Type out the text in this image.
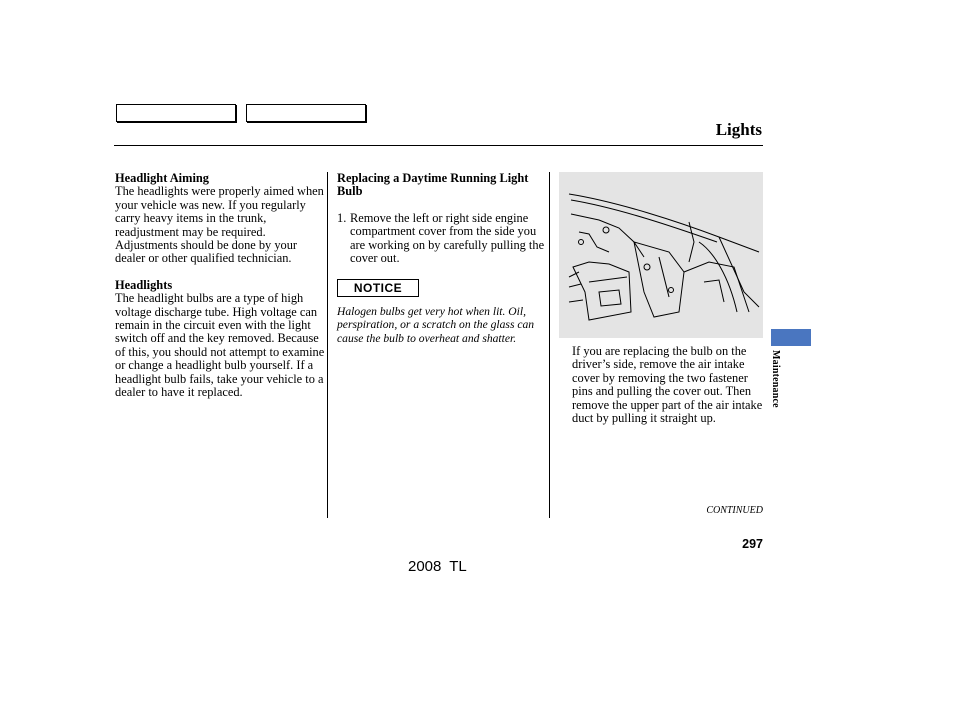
Lights

Headlight Aiming

The headlights were properly aimed when your vehicle was new. If you regularly carry heavy items in the trunk, readjustment may be required. Adjustments should be done by your dealer or other qualified technician.

Headlights

The headlight bulbs are a type of high voltage discharge tube. High voltage can remain in the circuit even with the light switch off and the key removed. Because of this, you should not attempt to examine or change a headlight bulb yourself. If a headlight bulb fails, take your vehicle to a dealer to have it replaced.

Replacing a Daytime Running Light Bulb

1. Remove the left or right side engine compartment cover from the side you are working on by carefully pulling the cover out.
NOTICE
Halogen bulbs get very hot when lit. Oil, perspiration, or a scratch on the glass can cause the bulb to overheat and shatter.

If you are replacing the bulb on the driver’s side, remove the air intake cover by removing the two fastener pins and pulling the cover out. Then remove the upper part of the air intake duct by pulling it straight up.

Maintenance
CONTINUED
297
2008 TL
